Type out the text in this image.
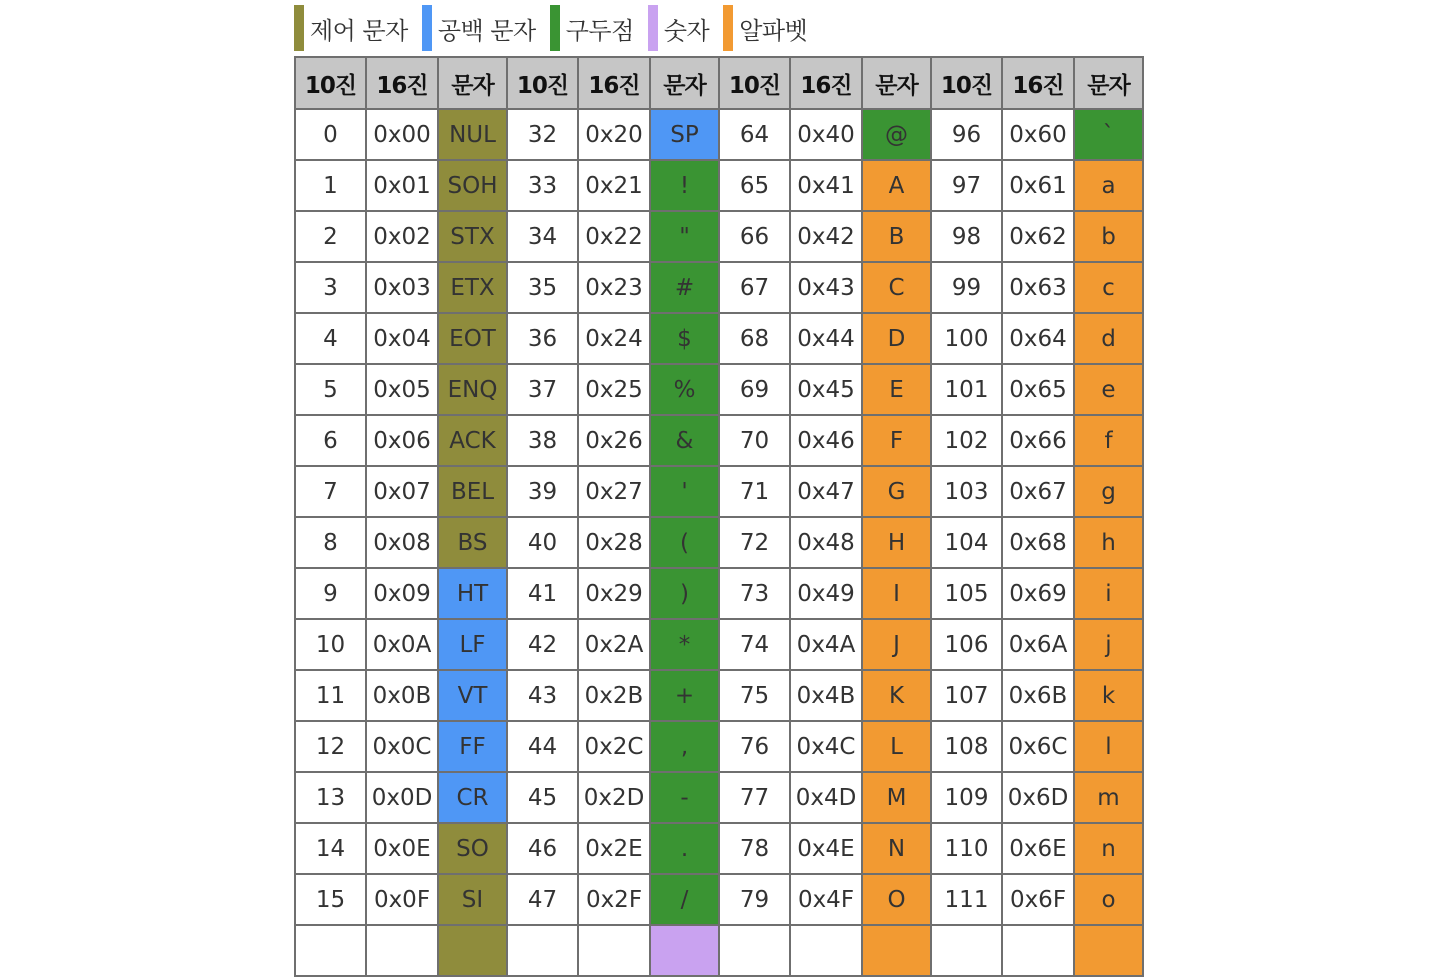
제어 문자 공백 문자 구두점 숫자 알파벳
10진	16진	문자	10진	16진	문자	10진	16진	문자	10진	16진	문자
0	0x00	NUL	32	0x20	SP	64	0x40	@	96	0x60	`
1	0x01	SOH	33	0x21	!	65	0x41	A	97	0x61	a
2	0x02	STX	34	0x22	"	66	0x42	B	98	0x62	b
3	0x03	ETX	35	0x23	#	67	0x43	C	99	0x63	c
4	0x04	EOT	36	0x24	$	68	0x44	D	100	0x64	d
5	0x05	ENQ	37	0x25	%	69	0x45	E	101	0x65	e
6	0x06	ACK	38	0x26	&	70	0x46	F	102	0x66	f
7	0x07	BEL	39	0x27	'	71	0x47	G	103	0x67	g
8	0x08	BS	40	0x28	(	72	0x48	H	104	0x68	h
9	0x09	HT	41	0x29	)	73	0x49	I	105	0x69	i
10	0x0A	LF	42	0x2A	*	74	0x4A	J	106	0x6A	j
11	0x0B	VT	43	0x2B	+	75	0x4B	K	107	0x6B	k
12	0x0C	FF	44	0x2C	,	76	0x4C	L	108	0x6C	l
13	0x0D	CR	45	0x2D	-	77	0x4D	M	109	0x6D	m
14	0x0E	SO	46	0x2E	.	78	0x4E	N	110	0x6E	n
15	0x0F	SI	47	0x2F	/	79	0x4F	O	111	0x6F	o
